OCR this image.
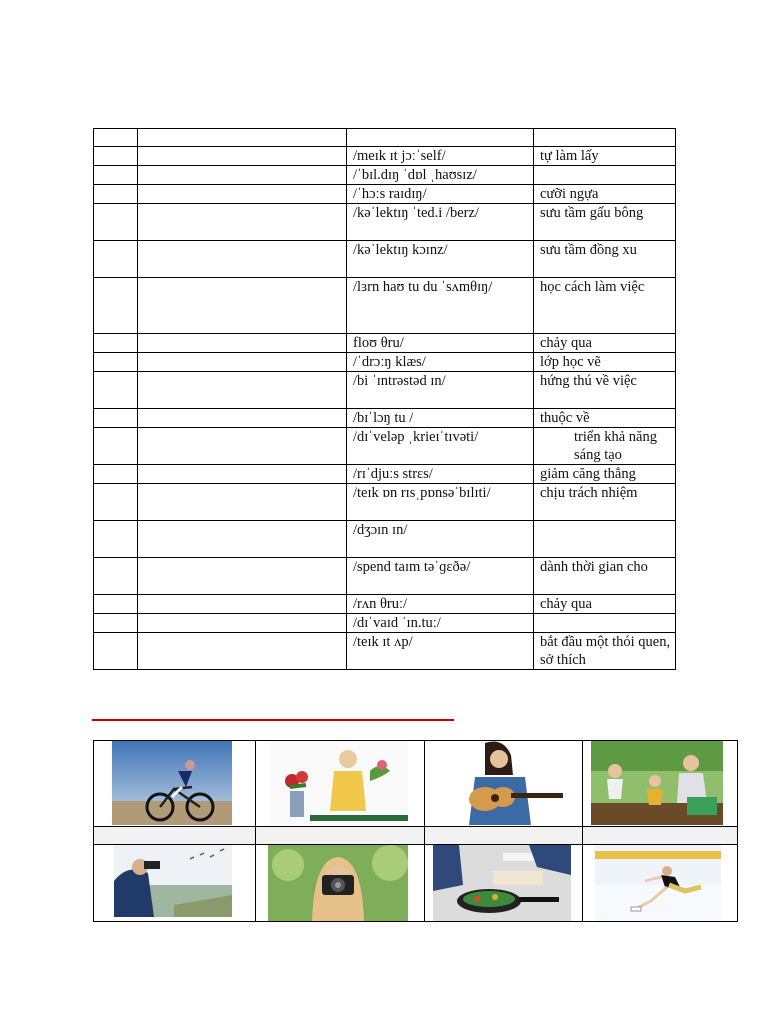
		/meɪk ɪt jɔːˈself/	tự làm lấy
		/ˈbɪl.dɪŋ ˈdɒl ˌhaʊsɪz/	
		/ˈhɔːs raɪdɪŋ/	cưỡi ngựa
		/kəˈlektɪŋ ˈted.i /berz/	sưu tầm gấu bông
		/kəˈlektɪŋ kɔɪnz/	sưu tầm đồng xu
		/lɜrn haʊ tu du ˈsʌmθɪŋ/	học cách làm việc
		floʊ θru/	chảy qua
		/ˈdrɔːŋ klæs/	lớp học vẽ
		/bi ˈɪntrəstəd ɪn/	hứng thú về việc
		/bɪˈlɔŋ tu /	thuộc về
		/dɪˈveləp ˌkrieɪˈtɪvəti/	triển khả năng sáng tạo
		/rɪˈdjuːs strɛs/	giảm căng thẳng
		/teɪk ɒn rɪsˌpɒnsəˈbɪlɪti/	chịu trách nhiệm
		/dʒɔɪn ɪn/	
		/spend taɪm təˈɡɛðə/	dành thời gian cho
		/rʌn θruː/	chảy qua
		/dɪˈvaɪd ˈɪn.tuː/	
		/teɪk ɪt ʌp/	bắt đầu một thói quen, sở thích
